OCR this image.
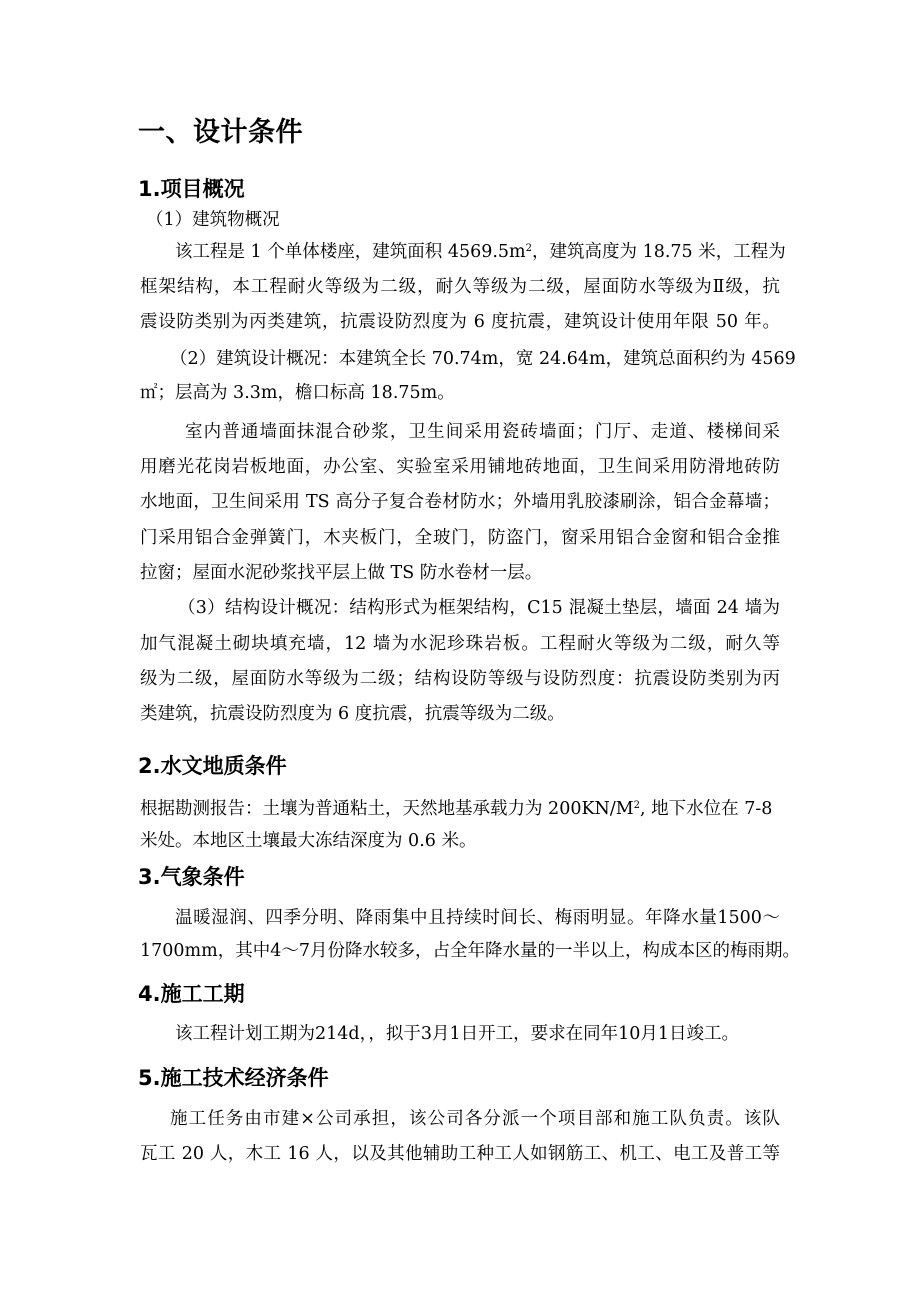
一、设计条件
1.项目概况
（1）建筑物概况
该工程是 1 个单体楼座，建筑面积 $4569.5m^2$，建筑高度为 18.75 米，工程为
框架结构，本工程耐火等级为二级，耐久等级为二级，屋面防水等级为Ⅱ级，抗
震设防类别为丙类建筑，抗震设防烈度为 6 度抗震，建筑设计使用年限 50 年。
（2）建筑设计概况：本建筑全长 70.74m，宽 24.64m，建筑总面积约为 4569
㎡；层高为 3.3m，檐口标高 18.75m。
室内普通墙面抹混合砂浆，卫生间采用瓷砖墙面；门厅、走道、楼梯间采
用磨光花岗岩板地面，办公室、实验室采用铺地砖地面，卫生间采用防滑地砖防
水地面，卫生间采用 TS 高分子复合卷材防水；外墙用乳胶漆刷涂，铝合金幕墙；
门采用铝合金弹簧门，木夹板门，全玻门，防盗门，窗采用铝合金窗和铝合金推
拉窗；屋面水泥砂浆找平层上做 TS 防水卷材一层。
（3）结构设计概况：结构形式为框架结构，C15 混凝土垫层，墙面 24 墙为
加气混凝土砌块填充墙，12 墙为水泥珍珠岩板。工程耐火等级为二级，耐久等
级为二级，屋面防水等级为二级；结构设防等级与设防烈度：抗震设防类别为丙
类建筑，抗震设防烈度为 6 度抗震，抗震等级为二级。
2.水文地质条件
根据勘测报告：土壤为普通粘土，天然地基承载力为 $200KN/M^2$, 地下水位在 7-8
米处。本地区土壤最大冻结深度为 0.6 米。
3.气象条件
温暖湿润、四季分明、降雨集中且持续时间长、梅雨明显。年降水量1500～
1700mm，其中4～7月份降水较多，占全年降水量的一半以上，构成本区的梅雨期。
4.施工工期
该工程计划工期为214d，，拟于3月1日开工，要求在同年10月1日竣工。
5.施工技术经济条件
施工任务由市建×公司承担，该公司各分派一个项目部和施工队负责。该队
瓦工 20 人，木工 16 人，以及其他辅助工种工人如钢筋工、机工、电工及普工等
